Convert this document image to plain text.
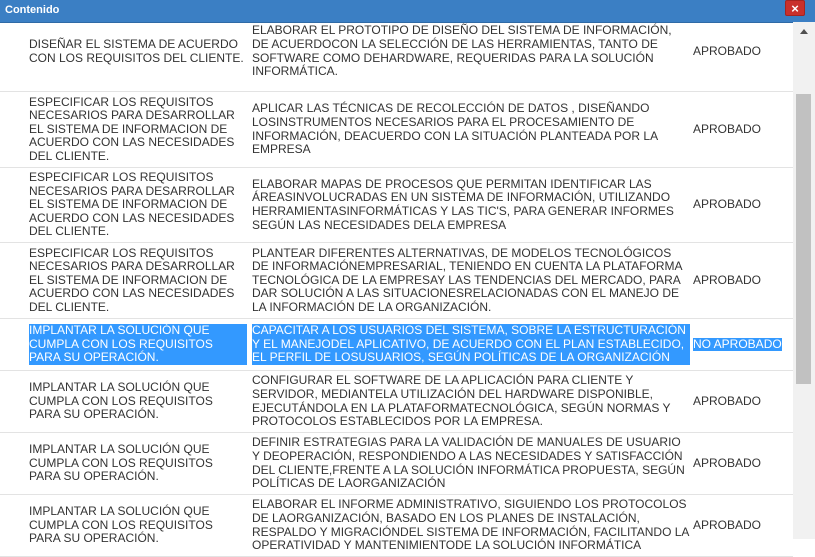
Contenido	×
DISEÑAR EL SISTEMA DE ACUERDO CON LOS REQUISITOS DEL CLIENTE.
ELABORAR EL PROTOTIPO DE DISEÑO DEL SISTEMA DE INFORMACIÓN, DE ACUERDOCON LA SELECCIÓN DE LAS HERRAMIENTAS, TANTO DE SOFTWARE COMO DEHARDWARE, REQUERIDAS PARA LA SOLUCIÓN INFORMÁTICA.
APROBADO
ESPECIFICAR LOS REQUISITOS NECESARIOS PARA DESARROLLAR EL SISTEMA DE INFORMACION DE ACUERDO CON LAS NECESIDADES DEL CLIENTE.
APLICAR LAS TÉCNICAS DE RECOLECCIÓN DE DATOS , DISEÑANDO LOSINSTRUMENTOS NECESARIOS PARA EL PROCESAMIENTO DE INFORMACIÓN, DEACUERDO CON LA SITUACIÓN PLANTEADA POR LA EMPRESA
APROBADO
ESPECIFICAR LOS REQUISITOS NECESARIOS PARA DESARROLLAR EL SISTEMA DE INFORMACION DE ACUERDO CON LAS NECESIDADES DEL CLIENTE.
ELABORAR MAPAS DE PROCESOS QUE PERMITAN IDENTIFICAR LAS ÁREASINVOLUCRADAS EN UN SISTEMA DE INFORMACIÓN, UTILIZANDO HERRAMIENTASINFORMÁTICAS Y LAS TIC'S, PARA GENERAR INFORMES SEGÚN LAS NECESIDADES DELA EMPRESA
APROBADO
ESPECIFICAR LOS REQUISITOS NECESARIOS PARA DESARROLLAR EL SISTEMA DE INFORMACION DE ACUERDO CON LAS NECESIDADES DEL CLIENTE.
PLANTEAR DIFERENTES ALTERNATIVAS, DE MODELOS TECNOLÓGICOS DE INFORMACIÓNEMPRESARIAL, TENIENDO EN CUENTA LA PLATAFORMA TECNOLÓGICA DE LA EMPRESAY LAS TENDENCIAS DEL MERCADO, PARA DAR SOLUCIÓN A LAS SITUACIONESRELACIONADAS CON EL MANEJO DE LA INFORMACIÓN DE LA ORGANIZACIÓN.
APROBADO
IMPLANTAR LA SOLUCIÓN QUE CUMPLA CON LOS REQUISITOS PARA SU OPERACIÓN.
CAPACITAR A LOS USUARIOS DEL SISTEMA, SOBRE LA ESTRUCTURACIÓN Y EL MANEJODEL APLICATIVO, DE ACUERDO CON EL PLAN ESTABLECIDO, EL PERFIL DE LOSUSUARIOS, SEGÚN POLÍTICAS DE LA ORGANIZACIÓN
NO APROBADO
IMPLANTAR LA SOLUCIÓN QUE CUMPLA CON LOS REQUISITOS PARA SU OPERACIÓN.
CONFIGURAR EL SOFTWARE DE LA APLICACIÓN PARA CLIENTE Y SERVIDOR, MEDIANTELA UTILIZACIÓN DEL HARDWARE DISPONIBLE, EJECUTÁNDOLA EN LA PLATAFORMATECNOLÓGICA, SEGÚN NORMAS Y PROTOCOLOS ESTABLECIDOS POR LA EMPRESA.
APROBADO
IMPLANTAR LA SOLUCIÓN QUE CUMPLA CON LOS REQUISITOS PARA SU OPERACIÓN.
DEFINIR ESTRATEGIAS PARA LA VALIDACIÓN DE MANUALES DE USUARIO Y DEOPERACIÓN, RESPONDIENDO A LAS NECESIDADES Y SATISFACCIÓN DEL CLIENTE,FRENTE A LA SOLUCIÓN INFORMÁTICA PROPUESTA, SEGÚN POLÍTICAS DE LAORGANIZACIÓN
APROBADO
IMPLANTAR LA SOLUCIÓN QUE CUMPLA CON LOS REQUISITOS PARA SU OPERACIÓN.
ELABORAR EL INFORME ADMINISTRATIVO, SIGUIENDO LOS PROTOCOLOS DE LAORGANIZACIÓN, BASADO EN LOS PLANES DE INSTALACIÓN, RESPALDO Y MIGRACIÓNDEL SISTEMA DE INFORMACIÓN, FACILITANDO LA OPERATIVIDAD Y MANTENIMIENTODE LA SOLUCIÓN INFORMÁTICA
APROBADO
